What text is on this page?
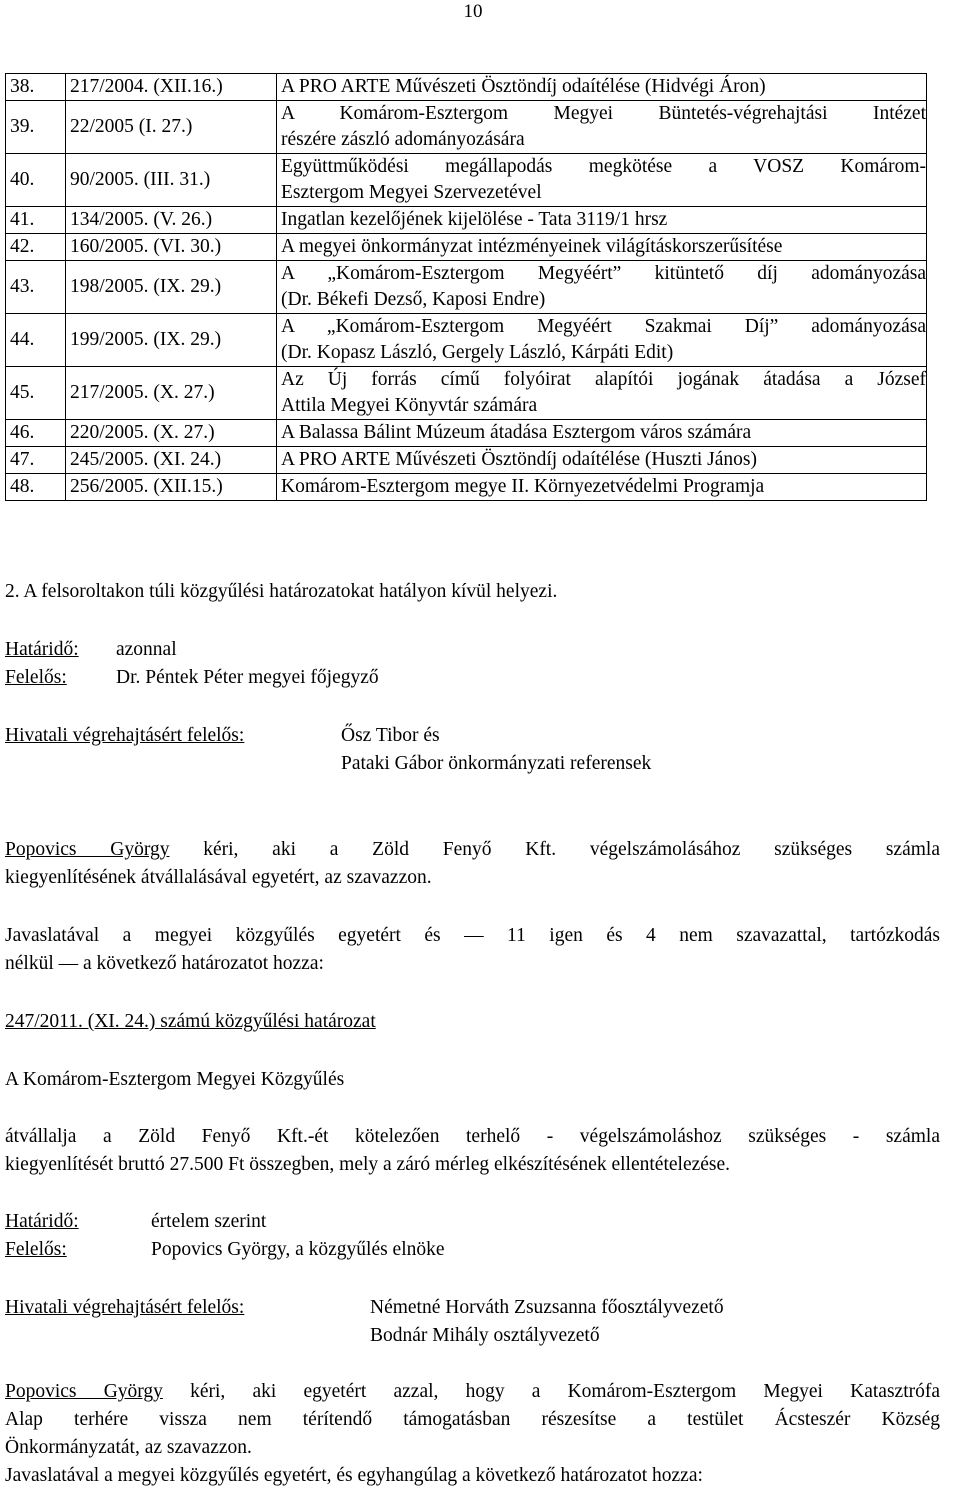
10
38.	217/2004. (XII.16.)	A PRO ARTE Művészeti Ösztöndíj odaítélése (Hidvégi Áron)

39.	22/2005 (I. 27.)	A Komárom-Esztergom Megyei Büntetés-végrehajtási Intézet
részére zászló adományozására

40.	90/2005. (III. 31.)	Együttműködési megállapodás megkötése a VOSZ Komárom-
Esztergom Megyei Szervezetével

41.	134/2005. (V. 26.)	Ingatlan kezelőjének kijelölése - Tata 3119/1 hrsz

42.	160/2005. (VI. 30.)	A megyei önkormányzat intézményeinek világításkorszerűsítése

43.	198/2005. (IX. 29.)	A „Komárom-Esztergom Megyéért” kitüntető díj adományozása
(Dr. Békefi Dezső, Kaposi Endre)

44.	199/2005. (IX. 29.)	A „Komárom-Esztergom Megyéért Szakmai Díj” adományozása
(Dr. Kopasz László, Gergely László, Kárpáti Edit)

45.	217/2005. (X. 27.)	Az Új forrás című folyóirat alapítói jogának átadása a József
Attila Megyei Könyvtár számára

46.	220/2005. (X. 27.)	A Balassa Bálint Múzeum átadása Esztergom város számára

47.	245/2005. (XI. 24.)	A PRO ARTE Művészeti Ösztöndíj odaítélése (Huszti János)

48.	256/2005. (XII.15.)	Komárom-Esztergom megye II. Környezetvédelmi Programja
2. A felsoroltakon túli közgyűlési határozatokat hatályon kívül helyezi.
Határidő: azonnal
Felelős:	Dr. Péntek Péter megyei főjegyző
Hivatali végrehajtásért felelős:	Ősz Tibor és
Pataki Gábor önkormányzati referensek
Popovics György kéri, aki a Zöld Fenyő Kft. végelszámolásához szükséges számla
kiegyenlítésének átvállalásával egyetért, az szavazzon.
Javaslatával a megyei közgyűlés egyetért és — 11 igen és 4 nem szavazattal, tartózkodás
nélkül — a következő határozatot hozza:
247/2011. (XI. 24.) számú közgyűlési határozat
A Komárom-Esztergom Megyei Közgyűlés
átvállalja a Zöld Fenyő Kft.-ét kötelezően terhelő - végelszámoláshoz szükséges - számla
kiegyenlítését bruttó 27.500 Ft összegben, mely a záró mérleg elkészítésének ellentételezése.
Határidő:	értelem szerint
Felelős:	Popovics György, a közgyűlés elnöke
Hivatali végrehajtásért felelős:	Németné Horváth Zsuzsanna főosztályvezető
Bodnár Mihály osztályvezető
Popovics György kéri, aki egyetért azzal, hogy a Komárom-Esztergom Megyei Katasztrófa
Alap terhére vissza nem térítendő támogatásban részesítse a testület Ácsteszér Község
Önkormányzatát, az szavazzon.
Javaslatával a megyei közgyűlés egyetért, és egyhangúlag a következő határozatot hozza:
